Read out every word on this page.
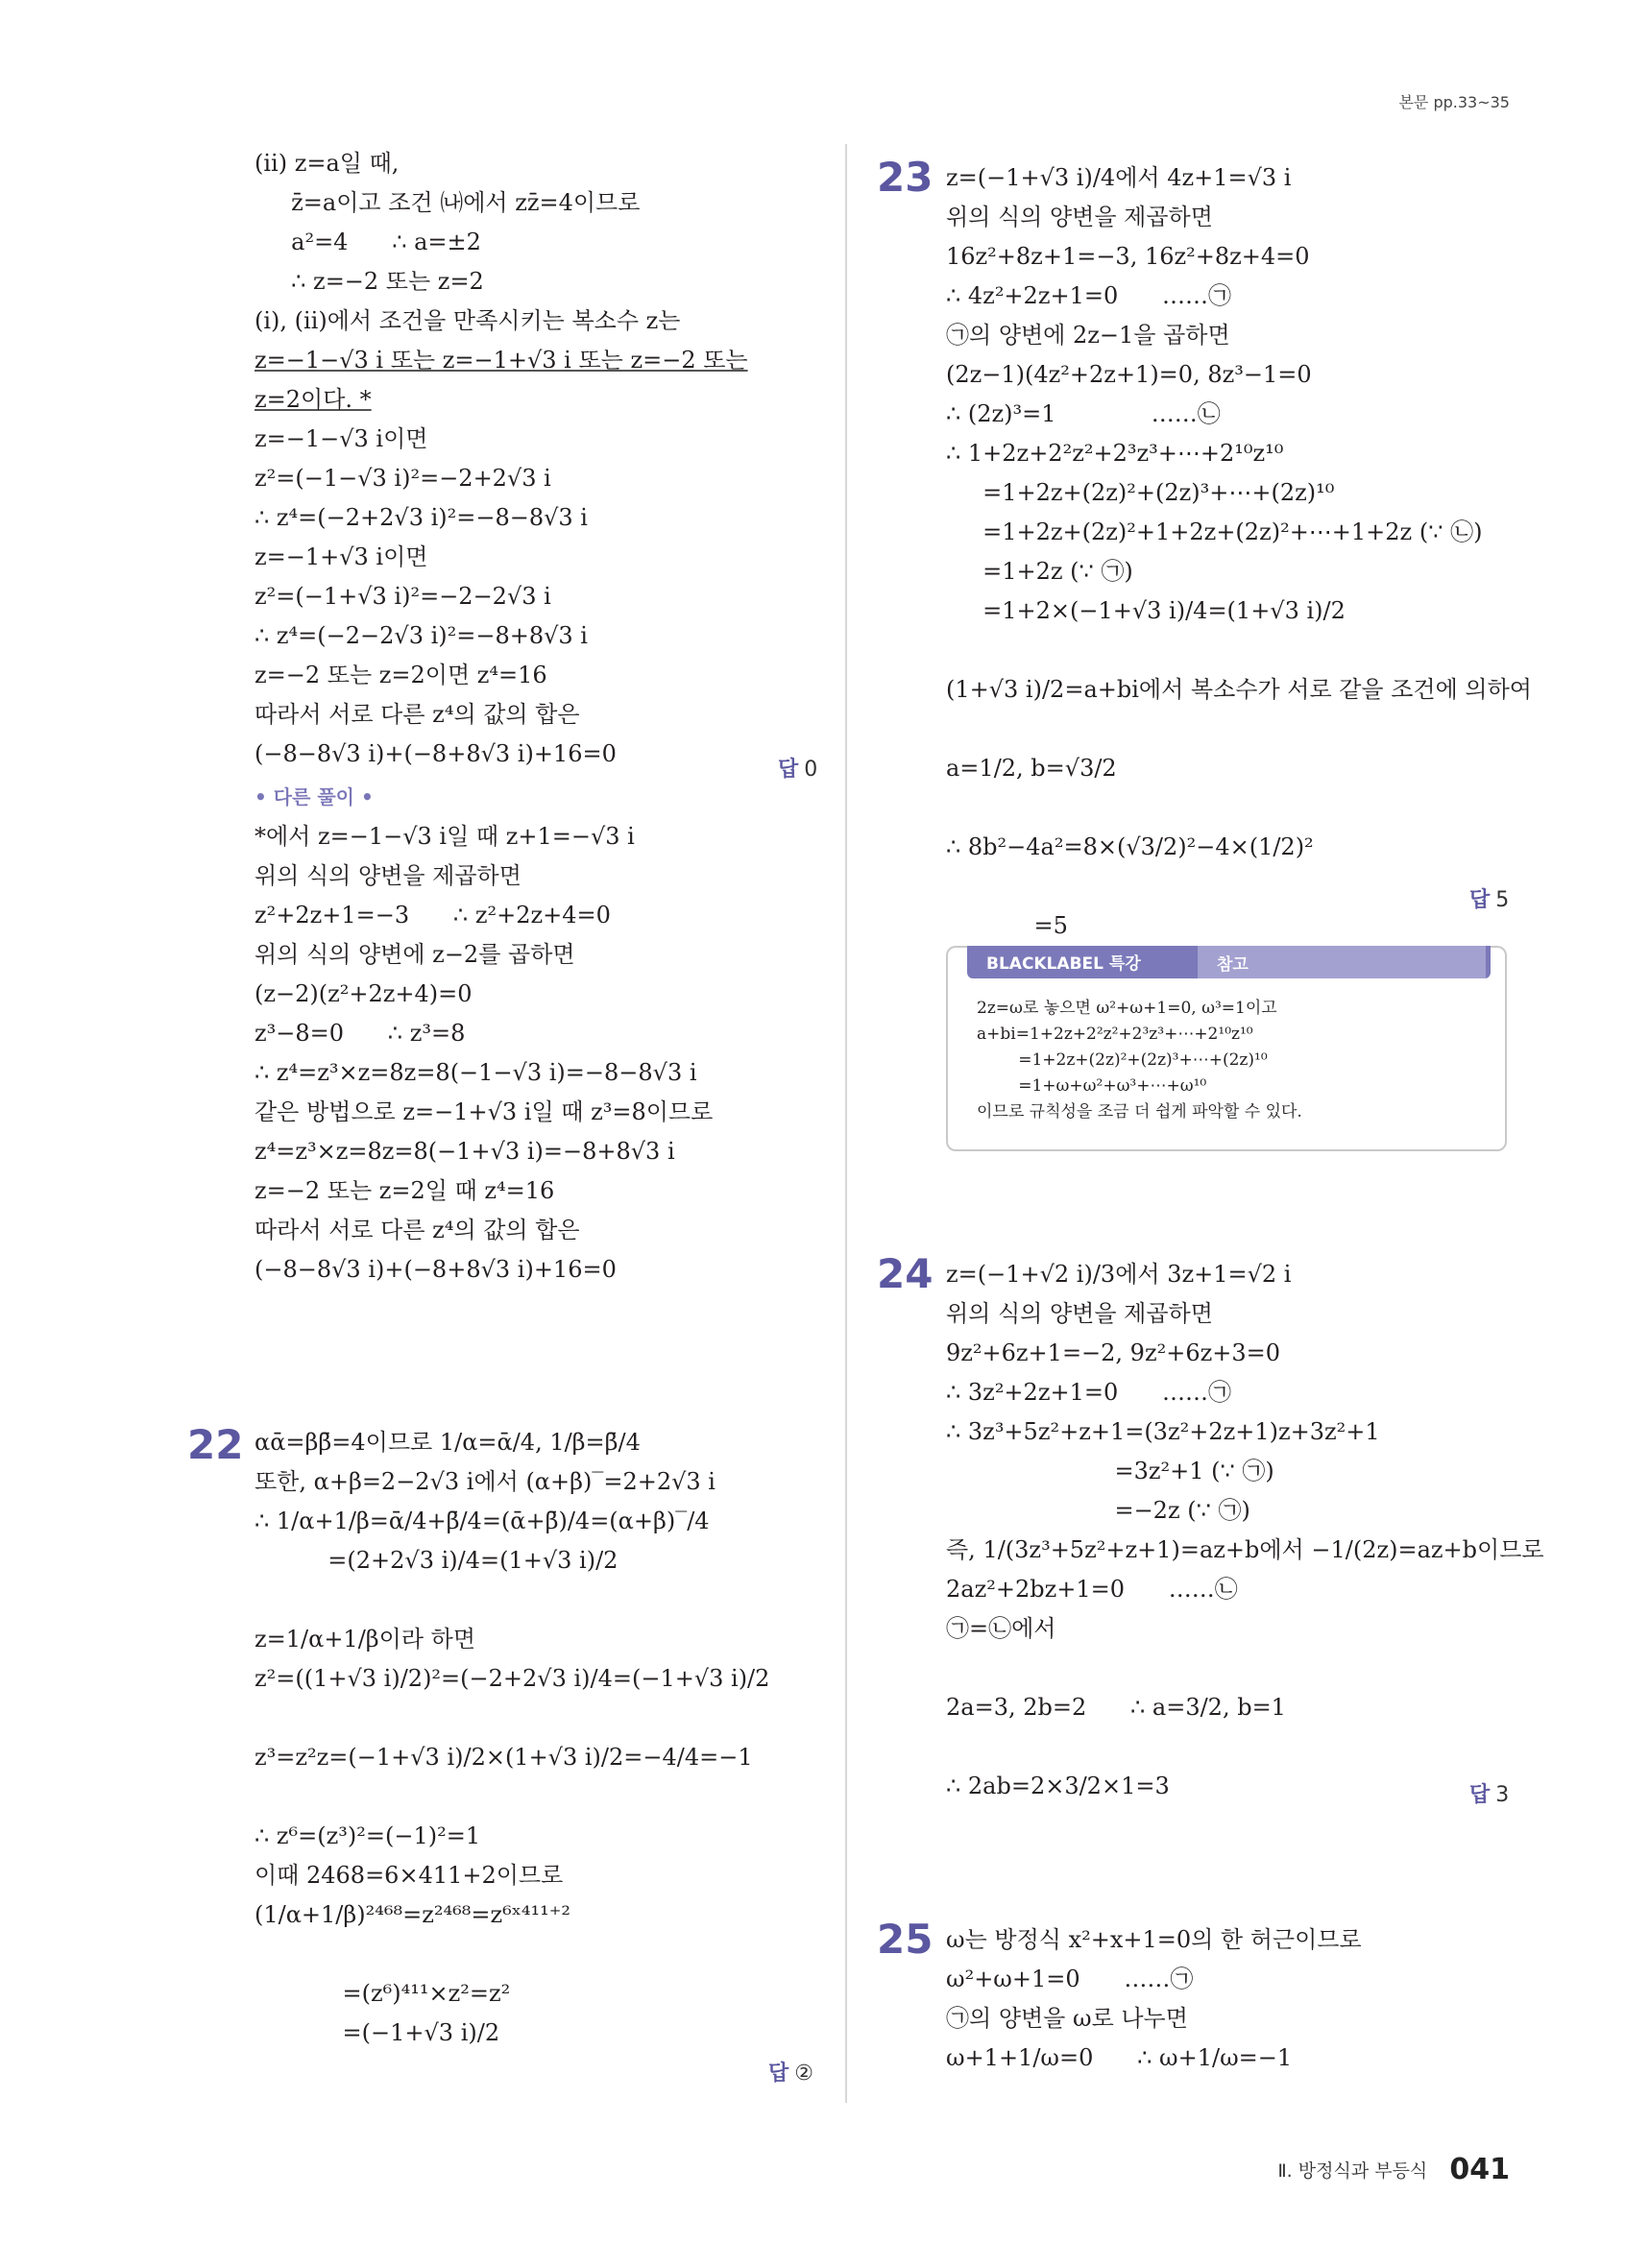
본문 pp.33~35
(ⅱ) z=a일 때,
z̄=a이고 조건 ㈏에서 zz̄=4이므로
a²=4      ∴ a=±2
∴ z=−2 또는 z=2
(ⅰ), (ⅱ)에서 조건을 만족시키는 복소수 z는
z=−1−√3 i 또는 z=−1+√3 i 또는 z=−2 또는
z=2이다. *
z=−1−√3 i이면
z²=(−1−√3 i)²=−2+2√3 i
∴ z⁴=(−2+2√3 i)²=−8−8√3 i
z=−1+√3 i이면
z²=(−1+√3 i)²=−2−2√3 i
∴ z⁴=(−2−2√3 i)²=−8+8√3 i
z=−2 또는 z=2이면 z⁴=16
따라서 서로 다른 z⁴의 값의 합은
(−8−8√3 i)+(−8+8√3 i)+16=0
• 다른 풀이 •
*에서 z=−1−√3 i일 때 z+1=−√3 i
위의 식의 양변을 제곱하면
z²+2z+1=−3      ∴ z²+2z+4=0
위의 식의 양변에 z−2를 곱하면
(z−2)(z²+2z+4)=0
z³−8=0      ∴ z³=8
∴ z⁴=z³×z=8z=8(−1−√3 i)=−8−8√3 i
같은 방법으로 z=−1+√3 i일 때 z³=8이므로
z⁴=z³×z=8z=8(−1+√3 i)=−8+8√3 i
z=−2 또는 z=2일 때 z⁴=16
따라서 서로 다른 z⁴의 값의 합은
(−8−8√3 i)+(−8+8√3 i)+16=0
답 0
22 αᾱ=ββ̄=4이므로 1/α=ᾱ/4, 1/β=β̄/4
또한, α+β=2−2√3 i에서 (α+β)‾=2+2√3 i
∴ 1/α+1/β=ᾱ/4+β̄/4=(ᾱ+β̄)/4=(α+β)‾/4
=(2+2√3 i)/4=(1+√3 i)/2

z=1/α+1/β이라 하면
z²=((1+√3 i)/2)²=(−2+2√3 i)/4=(−1+√3 i)/2

z³=z²z=(−1+√3 i)/2×(1+√3 i)/2=−4/4=−1

∴ z⁶=(z³)²=(−1)²=1
이때 2468=6×411+2이므로
(1/α+1/β)²⁴⁶⁸=z²⁴⁶⁸=z⁶ˣ⁴¹¹⁺²

=(z⁶)⁴¹¹×z²=z²
=(−1+√3 i)/2
답 ②
23 z=(−1+√3 i)/4에서 4z+1=√3 i
위의 식의 양변을 제곱하면
16z²+8z+1=−3, 16z²+8z+4=0
∴ 4z²+2z+1=0      ……㉠
㉠의 양변에 2z−1을 곱하면
(2z−1)(4z²+2z+1)=0, 8z³−1=0
∴ (2z)³=1             ……㉡
∴ 1+2z+2²z²+2³z³+⋯+2¹⁰z¹⁰
=1+2z+(2z)²+(2z)³+⋯+(2z)¹⁰
=1+2z+(2z)²+1+2z+(2z)²+⋯+1+2z (∵ ㉡)
=1+2z (∵ ㉠)
=1+2×(−1+√3 i)/4=(1+√3 i)/2

(1+√3 i)/2=a+bi에서 복소수가 서로 같을 조건에 의하여

a=1/2, b=√3/2

∴ 8b²−4a²=8×(√3/2)²−4×(1/2)²

=5
답 5
BLACKLABEL 특강	참고
2z=ω로 놓으면 ω²+ω+1=0, ω³=1이고
a+bi=1+2z+2²z²+2³z³+⋯+2¹⁰z¹⁰
=1+2z+(2z)²+(2z)³+⋯+(2z)¹⁰
=1+ω+ω²+ω³+⋯+ω¹⁰
이므로 규칙성을 조금 더 쉽게 파악할 수 있다.
24 z=(−1+√2 i)/3에서 3z+1=√2 i
위의 식의 양변을 제곱하면
9z²+6z+1=−2, 9z²+6z+3=0
∴ 3z²+2z+1=0      ……㉠
∴ 3z³+5z²+z+1=(3z²+2z+1)z+3z²+1
=3z²+1 (∵ ㉠)
=−2z (∵ ㉠)
즉, 1/(3z³+5z²+z+1)=az+b에서 −1/(2z)=az+b이므로
2az²+2bz+1=0      ……㉡
㉠=㉡에서

2a=3, 2b=2      ∴ a=3/2, b=1

∴ 2ab=2×3/2×1=3	답 3
25 ω는 방정식 x²+x+1=0의 한 허근이므로
ω²+ω+1=0      ……㉠
㉠의 양변을 ω로 나누면
ω+1+1/ω=0      ∴ ω+1/ω=−1
Ⅱ. 방정식과 부등식 041
